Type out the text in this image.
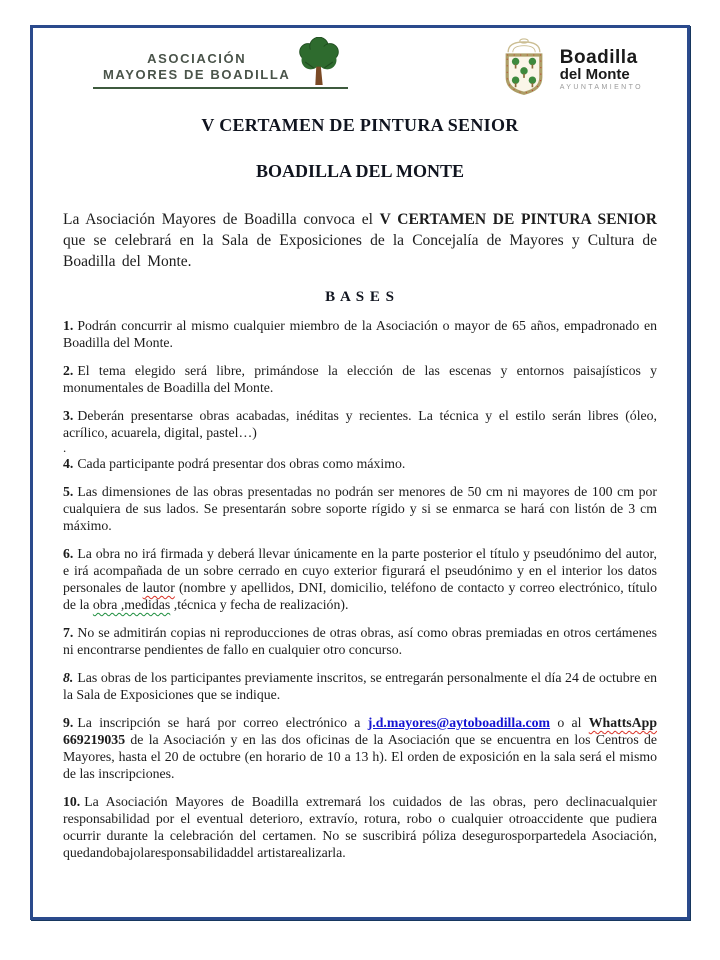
ASOCIACIÓN
MAYORES DE BOADILLA
Boadilla
del Monte
AYUNTAMIENTO
V CERTAMEN DE PINTURA SENIOR
BOADILLA DEL MONTE

La Asociación Mayores de Boadilla convoca el V CERTAMEN DE PINTURA SENIOR que se celebrará en la Sala de Exposiciones de la Concejalía de Mayores y Cultura de Boadilla del Monte.

B A S E S

1. Podrán concurrir al mismo cualquier miembro de la Asociación o mayor de 65 años, empadronado en Boadilla del Monte.

2. El tema elegido será libre, primándose la elección de las escenas y entornos paisajísticos y monumentales de Boadilla del Monte.

3. Deberán presentarse obras acabadas, inéditas y recientes. La técnica y el estilo serán libres (óleo, acrílico, acuarela, digital, pastel…)

.

4. Cada participante podrá presentar dos obras como máximo.

5. Las dimensiones de las obras presentadas no podrán ser menores de 50 cm ni mayores de 100 cm por cualquiera de sus lados. Se presentarán sobre soporte rígido y si se enmarca se hará con listón de 3 cm máximo.

6. La obra no irá firmada y deberá llevar únicamente en la parte posterior el título y pseudónimo del autor, e irá acompañada de un sobre cerrado en cuyo exterior figurará el pseudónimo y en el interior los datos personales de lautor (nombre y apellidos, DNI, domicilio, teléfono de contacto y correo electrónico, título de la obra ,medidas ,técnica y fecha de realización).

7. No se admitirán copias ni reproducciones de otras obras, así como obras premiadas en otros certámenes ni encontrarse pendientes de fallo en cualquier otro concurso.

8. Las obras de los participantes previamente inscritos, se entregarán personalmente el día 24 de octubre en la Sala de Exposiciones que se indique.

9. La inscripción se hará por correo electrónico a j.d.mayores@aytoboadilla.com o al WhattsApp 669219035 de la Asociación y en las dos oficinas de la Asociación que se encuentra en los Centros de Mayores, hasta el 20 de octubre (en horario de 10 a 13 h). El orden de exposición en la sala será el mismo de las inscripciones.

10. La Asociación Mayores de Boadilla extremará los cuidados de las obras, pero declinacualquier responsabilidad por el eventual deterioro, extravío, rotura, robo o cualquier otroaccidente que pudiera ocurrir durante la celebración del certamen. No se suscribirá póliza desegurosporpartedela Asociación, quedandobajolaresponsabilidaddel artistarealizarla.
